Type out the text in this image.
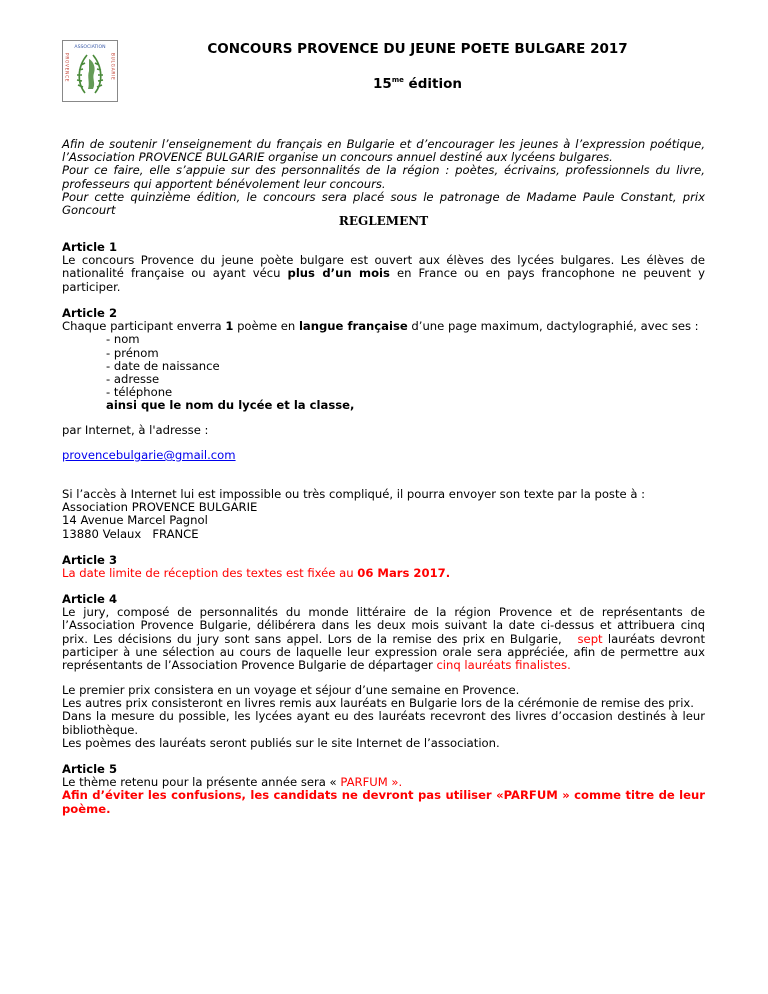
ASSOCIATION
PROVENCE	BULGARIE
CONCOURS PROVENCE DU JEUNE POETE BULGARE 2017
$15^{me}$ édition

Afin de soutenir l’enseignement du français en Bulgarie et d’encourager les jeunes à l’expression poétique, l’Association PROVENCE BULGARIE organise un concours annuel destiné aux lycéens bulgares.

Pour ce faire, elle s’appuie sur des personnalités de la région : poètes, écrivains, professionnels du livre, professeurs qui apportent bénévolement leur concours.

Pour cette quinzième édition, le concours sera placé sous le patronage de Madame Paule Constant, prix Goncourt

REGLEMENT

Article 1

Le concours Provence du jeune poète bulgare est ouvert aux élèves des lycées bulgares. Les élèves de nationalité française ou ayant vécu plus d’un mois en France ou en pays francophone ne peuvent y participer.

Article 2

Chaque participant enverra 1 poème en langue française d’une page maximum, dactylographié, avec ses :

- nom
- prénom
- date de naissance
- adresse
- téléphone
ainsi que le nom du lycée et la classe,
par Internet, à l'adresse :
provencebulgarie@gmail.com

Si l’accès à Internet lui est impossible ou très compliqué, il pourra envoyer son texte par la poste à :

Association PROVENCE BULGARIE

14 Avenue Marcel Pagnol

13880 Velaux   FRANCE

Article 3

La date limite de réception des textes est fixée au 06 Mars 2017.

Article 4

Le jury, composé de personnalités du monde littéraire de la région Provence et de représentants de l’Association Provence Bulgarie, délibérera dans les deux mois suivant la date ci-dessus et attribuera cinq prix. Les décisions du jury sont sans appel. Lors de la remise des prix en Bulgarie,   sept lauréats devront participer à une sélection au cours de laquelle leur expression orale sera appréciée, afin de permettre aux représentants de l’Association Provence Bulgarie de départager cinq lauréats finalistes.

Le premier prix consistera en un voyage et séjour d’une semaine en Provence.

Les autres prix consisteront en livres remis aux lauréats en Bulgarie lors de la cérémonie de remise des prix.

Dans la mesure du possible, les lycées ayant eu des lauréats recevront des livres d’occasion destinés à leur bibliothèque.

Les poèmes des lauréats seront publiés sur le site Internet de l’association.

Article 5

Le thème retenu pour la présente année sera « PARFUM ».

Afin d’éviter les confusions, les candidats ne devront pas utiliser «PARFUM » comme titre de leur poème.
